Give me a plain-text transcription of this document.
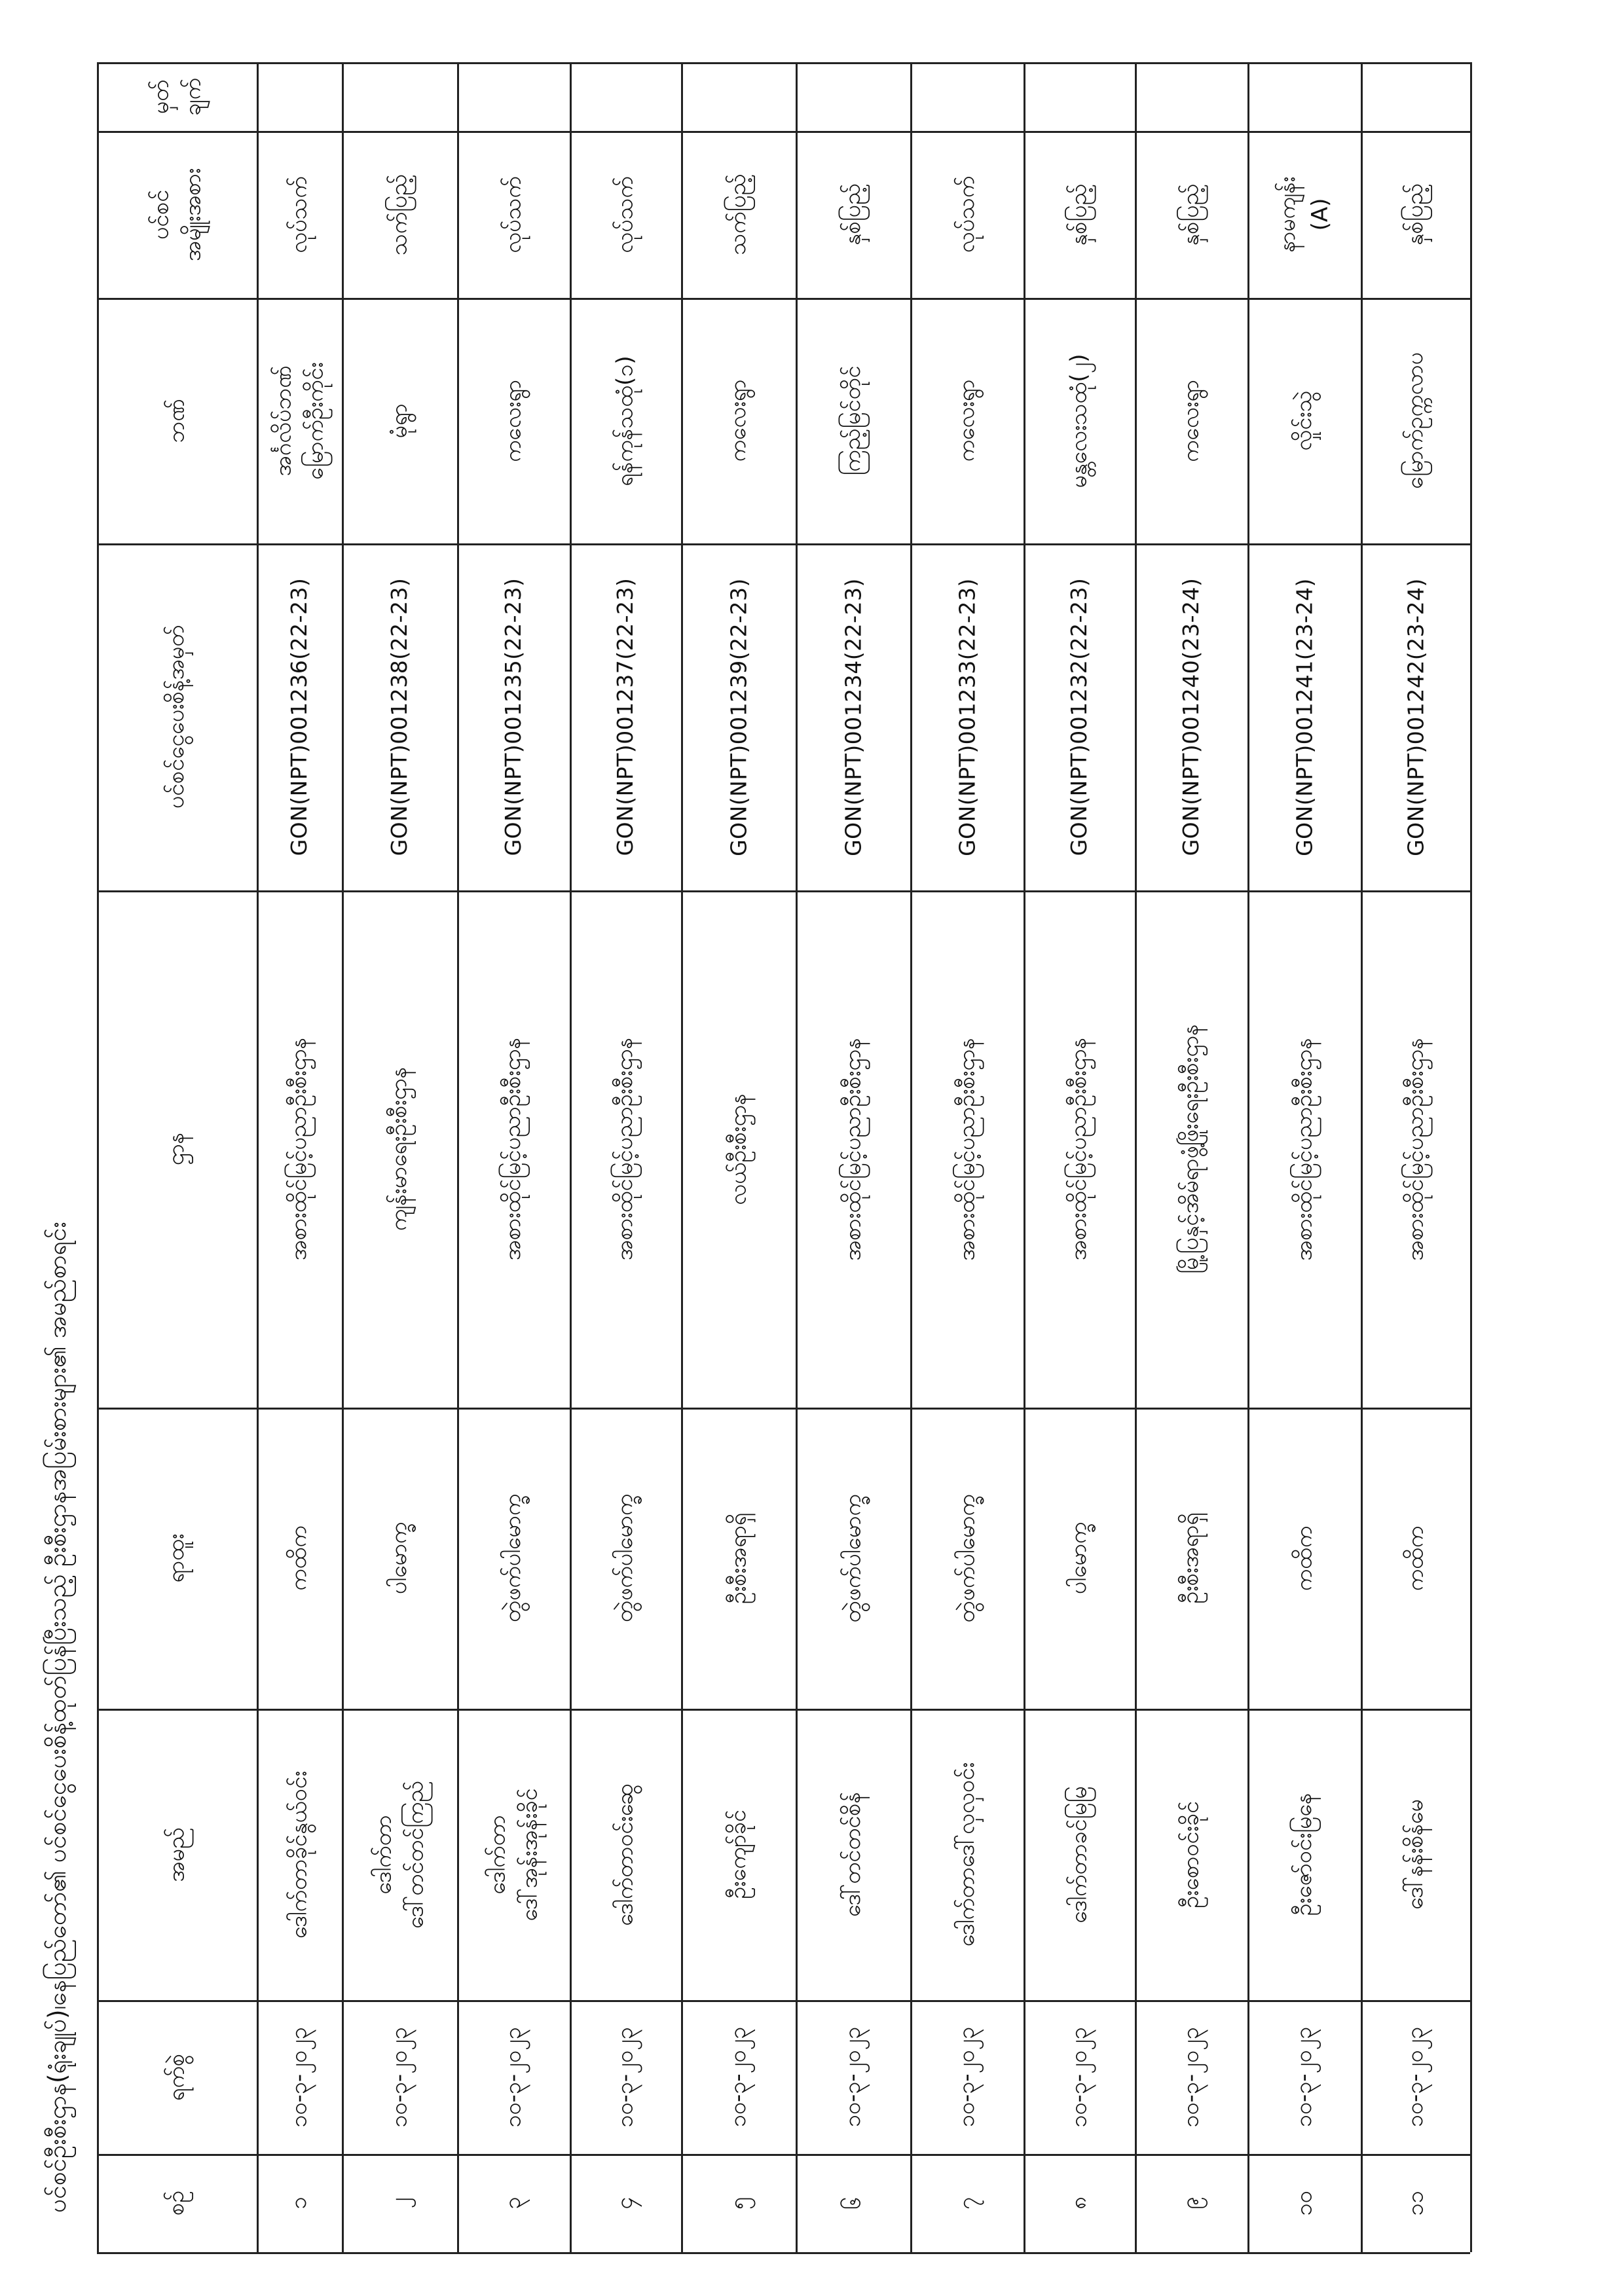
ပင်စင်ဦးစီးဌာန(ရုံးချုပ်)၊နေပြည်တော်၏ ပင်စင်ငွေပေးစိန့်ထုတ်ပြန်ပြီးသည့် ဦးစီးဌာနအပြမ်းစားများ၏ အမည်စာရင်း	စဉ်
ရက်စွဲ
အမည်
ရာထူး
ဌာန
ပင်စင်ငွေပေးစိန့်အမှတ်
ဘဏ်
ပင်စင်
အမျိုးအစား
မှတ်
ချက်
၁
၁၀-၃-၂၀၂၃
ဒေါက်တာခိုင်နွယ်ဝင်း
ကထိက
အစားထိုင်မြင့်ပညာဦးစီးဌာန
GON(NPT)001236(22-23)
အင်္ဂလိပ်ဘဏ်
မြောက်ဦးကိုင်း
လုပ်သက်
၂
၁၀-၃-၂၀၂၃
ဒေါက်တာ
ဒေါ်တင်တင်ကြည်
ပါမောက္ခ
ကျန်းမာရေးဦးစီးဌာန
GON(NPT)001238(22-23)
မုံရွာ
သက်ပြည့်
၃
၁၀-၃-၂၀၂၃
ဒေါက်တာ
ဒေါ်အုန်းအုန်းခိုင်
တွဲဖက်ပါမောက္ခ
အစားထိုင်မြင့်ပညာဦးစီးဌာန
GON(NPT)001235(22-23)
ကလေးရွာ
လုပ်သက်
၄
၁၀-၃-၂၀၂၃
ဒေါက်တာဝင်းဆွေ
တွဲဖက်ပါမောက္ခ
အစားထိုင်မြင့်ပညာဦးစီးဌာန
GON(NPT)001237(22-23)
ရန်ကုန်သထုံ(၁)
လုပ်သက်
၅
၁၀-၃-၂၀၂၃
ဦးကျော်ခိုင်
ဦးစီးအရာရှိ
လယ်ဦးစီးဌာန
GON(NPT)001239(22-23)
ကလေးရွာ
သက်ပြည့်
၆
၁၀-၃-၂၀၂၃
ဒေါ်တင်တင်စိန်
တွဲဖက်ပါမောက္ခ
အစားထိုင်မြင့်ပညာဦးစီးဌာန
GON(NPT)001234(22-23)
ကြည့်မြင်တိုင်
နှစ်ပြည့်
၇
၁၀-၃-၂၀၂၃
ဒေါက်တာဒေါ်လှလှဝင်း
တွဲဖက်ပါမောက္ခ
အစားထိုင်မြင့်ပညာဦးစီးဌာန
GON(NPT)001233(22-23)
ကလေးရွာ
လုပ်သက်
၈
၁၀-၃-၂၀၂၃
ဒေါက်တာခင်မြမြ
ပါမောက္ခ
အစားထိုင်မြင့်ပညာဦးစီးဌာန
GON(NPT)001232(22-23)
မန္တလေးသထုံ(၂)
နှစ်ပြည့်
၉
၁၀-၃-၂၀၂၃
ဦးစောဝင်းခိုင်
ဦးစီးအရာရှိ
မြို့ပြနှင့်အိမ်ရာဖွံ့ဖြိုးရေးဦးစီးဌာန
GON(NPT)001240(23-24)
ကလေးရွာ
နှစ်ပြည့်
၁၀
၁၀-၃-၂၀၂၃
ဦးဇော်ဝင်းမြနေ
ကထိက
အစားထိုင်မြင့်ပညာဦးစီးဌာန
GON(NPT)001241(23-24)
လှိုင်းသွဲ
နာမကျန်း
(A)
၁၁
၁၀-၃-၂၀၂၃
ဒေါ်နန်းစိန်မေ
ကထိက
အစားထိုင်မြင့်ပညာဦးစီးဌာန
GON(NPT)001242(23-24)
မြောက်ဥက္ကလာပ
နှစ်ပြည့်
